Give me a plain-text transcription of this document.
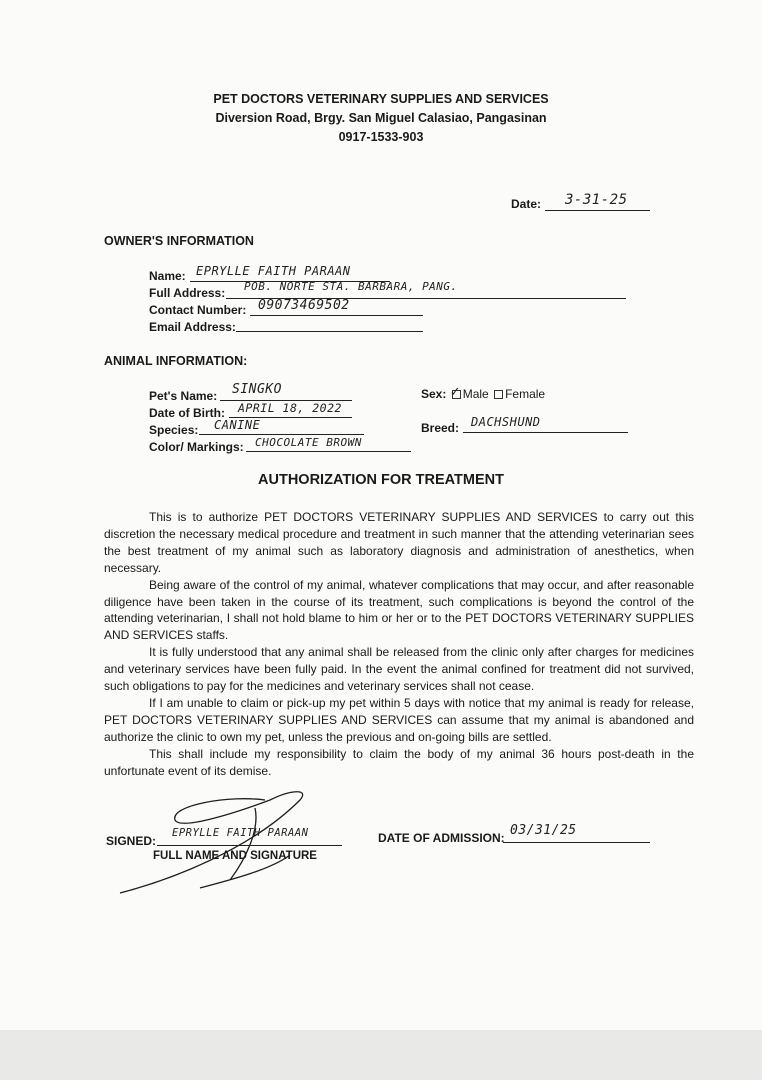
PET DOCTORS VETERINARY SUPPLIES AND SERVICES
Diversion Road, Brgy. San Miguel Calasiao, Pangasinan
0917-1533-903
Date: 3-31-25
OWNER'S INFORMATION
Name: EPRYLLE FAITH PARAAN
Full Address: POB. NORTE STA. BARBARA, PANG.
Contact Number: 09073469502
Email Address:
ANIMAL INFORMATION:
Pet's Name: SINGKO
Date of Birth: APRIL 18, 2022
Species: CANINE
Color/ Markings: CHOCOLATE BROWN
Sex: ✓ Male Female
Breed: DACHSHUND
AUTHORIZATION FOR TREATMENT

This is to authorize PET DOCTORS VETERINARY SUPPLIES AND SERVICES to carry out this discretion the necessary medical procedure and treatment in such manner that the attending veterinarian sees the best treatment of my animal such as laboratory diagnosis and administration of anesthetics, when necessary.

Being aware of the control of my animal, whatever complications that may occur, and after reasonable diligence have been taken in the course of its treatment, such complications is beyond the control of the attending veterinarian, I shall not hold blame to him or her or to the PET DOCTORS VETERINARY SUPPLIES AND SERVICES staffs.

It is fully understood that any animal shall be released from the clinic only after charges for medicines and veterinary services have been fully paid. In the event the animal confined for treatment did not survived, such obligations to pay for the medicines and veterinary services shall not cease.

If I am unable to claim or pick-up my pet within 5 days with notice that my animal is ready for release, PET DOCTORS VETERINARY SUPPLIES AND SERVICES can assume that my animal is abandoned and authorize the clinic to own my pet, unless the previous and on-going bills are settled.

This shall include my responsibility to claim the body of my animal 36 hours post-death in the unfortunate event of its demise.

SIGNED:
EPRYLLE FAITH PARAAN
FULL NAME AND SIGNATURE
DATE OF ADMISSION: 03/31/25
